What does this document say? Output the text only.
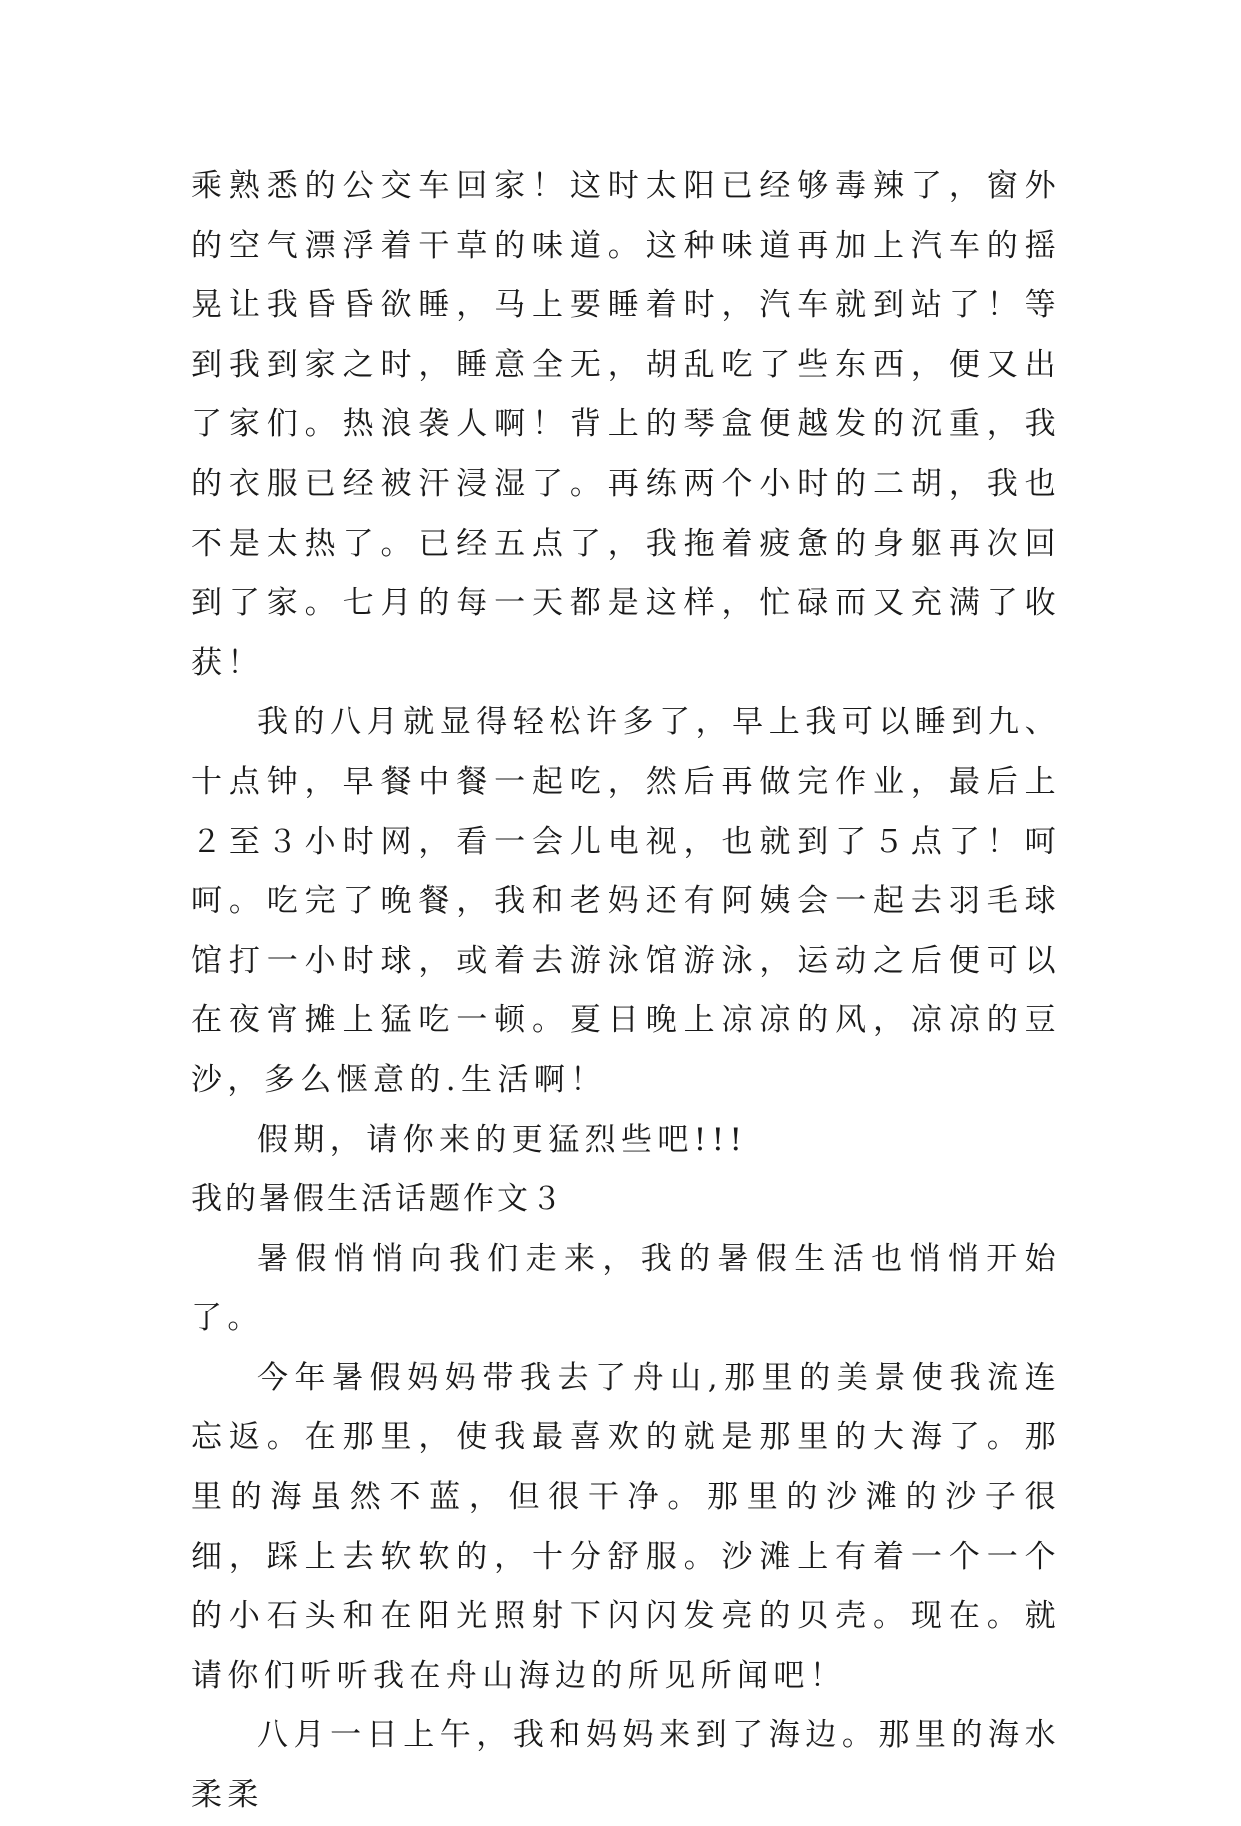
乘熟悉的公交车回家！这时太阳已经够毒辣了，窗外的空气漂浮着干草的味道。这种味道再加上汽车的摇晃让我昏昏欲睡，马上要睡着时，汽车就到站了！等到我到家之时，睡意全无，胡乱吃了些东西，便又出了家们。热浪袭人啊！背上的琴盒便越发的沉重，我的衣服已经被汗浸湿了。再练两个小时的二胡，我也不是太热了。已经五点了，我拖着疲惫的身躯再次回到了家。七月的每一天都是这样，忙碌而又充满了收获！

我的八月就显得轻松许多了，早上我可以睡到九、十点钟，早餐中餐一起吃，然后再做完作业，最后上２至３小时网，看一会儿电视，也就到了５点了！呵呵。吃完了晚餐，我和老妈还有阿姨会一起去羽毛球馆打一小时球，或着去游泳馆游泳，运动之后便可以在夜宵摊上猛吃一顿。夏日晚上凉凉的风，凉凉的豆沙，多么惬意的.生活啊！

假期，请你来的更猛烈些吧!!!

我的暑假生活话题作文３

暑假悄悄向我们走来，我的暑假生活也悄悄开始了。

今年暑假妈妈带我去了舟山,那里的美景使我流连忘返。在那里，使我最喜欢的就是那里的大海了。那里的海虽然不蓝，但很干净。那里的沙滩的沙子很细，踩上去软软的，十分舒服。沙滩上有着一个一个的小石头和在阳光照射下闪闪发亮的贝壳。现在。就请你们听听我在舟山海边的所见所闻吧！

八月一日上午，我和妈妈来到了海边。那里的海水柔柔
